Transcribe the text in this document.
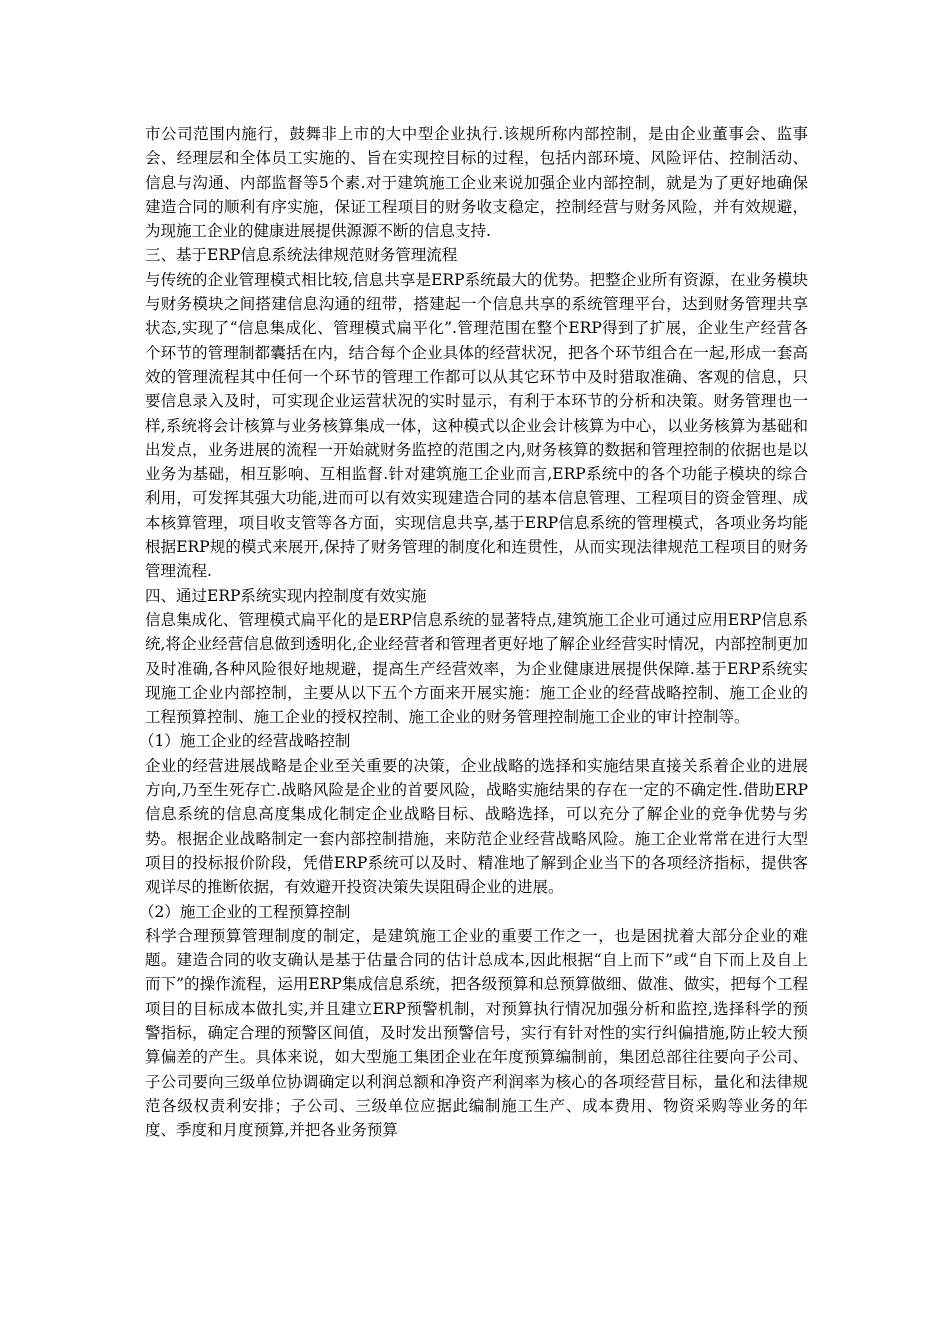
市公司范围内施行，鼓舞非上市的大中型企业执行.该规所称内部控制，是由企业董事会、监事会、经理层和全体员工实施的、旨在实现控目标的过程，包括内部环境、风险评估、控制活动、信息与沟通、内部监督等5个素.对于建筑施工企业来说加强企业内部控制，就是为了更好地确保建造合同的顺利有序实施，保证工程项目的财务收支稳定，控制经营与财务风险，并有效规避，为现施工企业的健康进展提供源源不断的信息支持.

三、基于ERP信息系统法律规范财务管理流程

与传统的企业管理模式相比较,信息共享是ERP系统最大的优势。把整企业所有资源，在业务模块与财务模块之间搭建信息沟通的纽带，搭建起一个信息共享的系统管理平台，达到财务管理共享状态,实现了“信息集成化、管理模式扁平化”.管理范围在整个ERP得到了扩展，企业生产经营各个环节的管理制都囊括在内，结合每个企业具体的经营状况，把各个环节组合在一起,形成一套高效的管理流程其中任何一个环节的管理工作都可以从其它环节中及时猎取准确、客观的信息，只要信息录入及时，可实现企业运营状况的实时显示，有利于本环节的分析和决策。财务管理也一样,系统将会计核算与业务核算集成一体，这种模式以企业会计核算为中心，以业务核算为基础和出发点，业务进展的流程一开始就财务监控的范围之内,财务核算的数据和管理控制的依据也是以业务为基础，相互影响、互相监督.针对建筑施工企业而言,ERP系统中的各个功能子模块的综合利用，可发挥其强大功能,进而可以有效实现建造合同的基本信息管理、工程项目的资金管理、成本核算管理，项目收支管等各方面，实现信息共享,基于ERP信息系统的管理模式，各项业务均能根据ERP规的模式来展开,保持了财务管理的制度化和连贯性，从而实现法律规范工程项目的财务管理流程.

四、通过ERP系统实现内控制度有效实施

信息集成化、管理模式扁平化的是ERP信息系统的显著特点,建筑施工企业可通过应用ERP信息系统,将企业经营信息做到透明化,企业经营者和管理者更好地了解企业经营实时情况，内部控制更加及时准确,各种风险很好地规避，提高生产经营效率，为企业健康进展提供保障.基于ERP系统实现施工企业内部控制，主要从以下五个方面来开展实施：施工企业的经营战略控制、施工企业的工程预算控制、施工企业的授权控制、施工企业的财务管理控制施工企业的审计控制等。

（1）施工企业的经营战略控制

企业的经营进展战略是企业至关重要的决策，企业战略的选择和实施结果直接关系着企业的进展方向,乃至生死存亡.战略风险是企业的首要风险，战略实施结果的存在一定的不确定性.借助ERP信息系统的信息高度集成化制定企业战略目标、战略选择，可以充分了解企业的竞争优势与劣势。根据企业战略制定一套内部控制措施，来防范企业经营战略风险。施工企业常常在进行大型项目的投标报价阶段，凭借ERP系统可以及时、精准地了解到企业当下的各项经济指标，提供客观详尽的推断依据，有效避开投资决策失误阻碍企业的进展。

（2）施工企业的工程预算控制

科学合理预算管理制度的制定，是建筑施工企业的重要工作之一，也是困扰着大部分企业的难题。建造合同的收支确认是基于估量合同的估计总成本,因此根据“自上而下”或“自下而上及自上而下”的操作流程，运用ERP集成信息系统，把各级预算和总预算做细、做准、做实，把每个工程项目的目标成本做扎实,并且建立ERP预警机制，对预算执行情况加强分析和监控,选择科学的预警指标，确定合理的预警区间值，及时发出预警信号，实行有针对性的实行纠偏措施,防止较大预算偏差的产生。具体来说，如大型施工集团企业在年度预算编制前，集团总部往往要向子公司、子公司要向三级单位协调确定以利润总额和净资产利润率为核心的各项经营目标，量化和法律规范各级权责利安排；子公司、三级单位应据此编制施工生产、成本费用、物资采购等业务的年度、季度和月度预算,并把各业务预算
